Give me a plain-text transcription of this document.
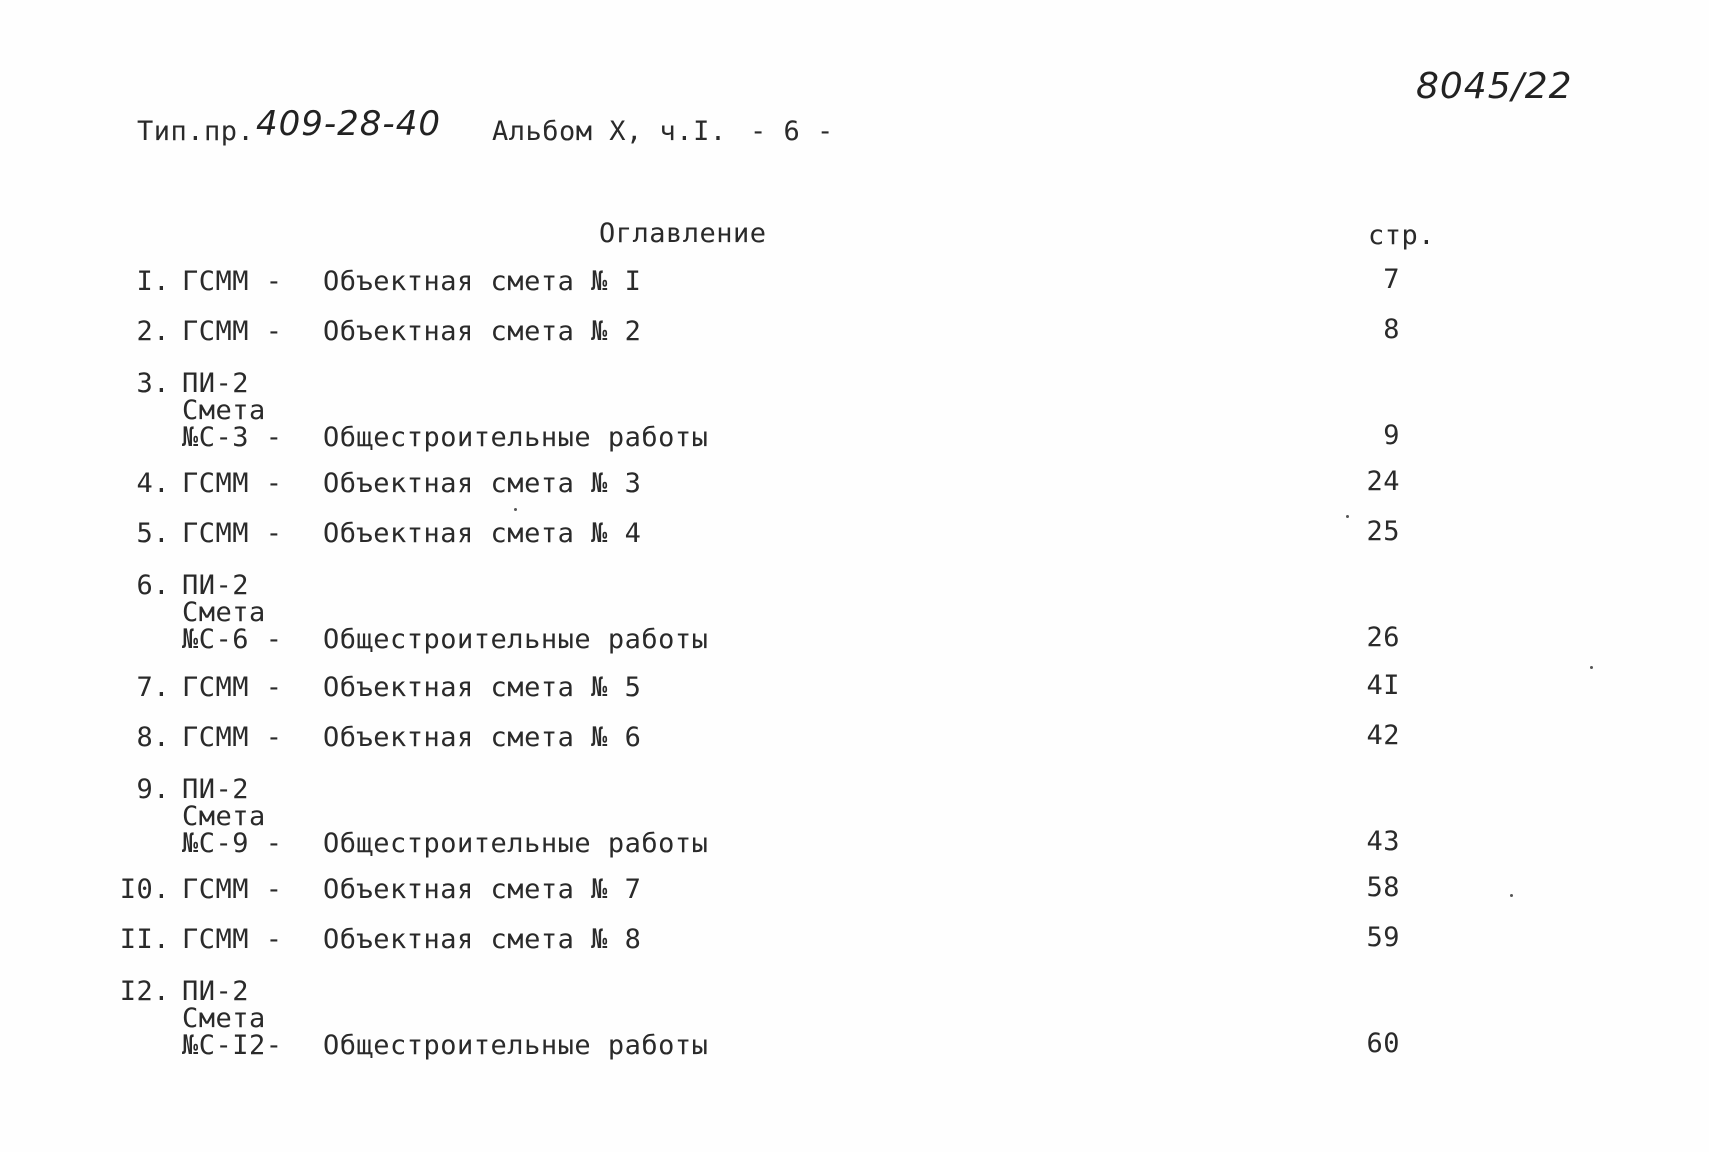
Тип.пр. 409-28-40 Альбом X, ч.I. - 6 -
8045/22
Оглавление	стр.
I. ГСММ -	Объектная смета № I	7
2. ГСММ -	Объектная смета № 2	8
3. ПИ-2
Смета
№С-3 -	Общестроительные работы	9
4. ГСММ -	Объектная смета № 3	24
5. ГСММ -	Объектная смета № 4	25
6. ПИ-2
Смета
№С-6 -	Общестроительные работы	26
7. ГСММ -	Объектная смета № 5	4I
8. ГСММ -	Объектная смета № 6	42
9. ПИ-2
Смета
№С-9 -	Общестроительные работы	43
I0. ГСММ -	Объектная смета № 7	58
II. ГСММ -	Объектная смета № 8	59
I2. ПИ-2
Смета
№С-I2-	Общестроительные работы	60
